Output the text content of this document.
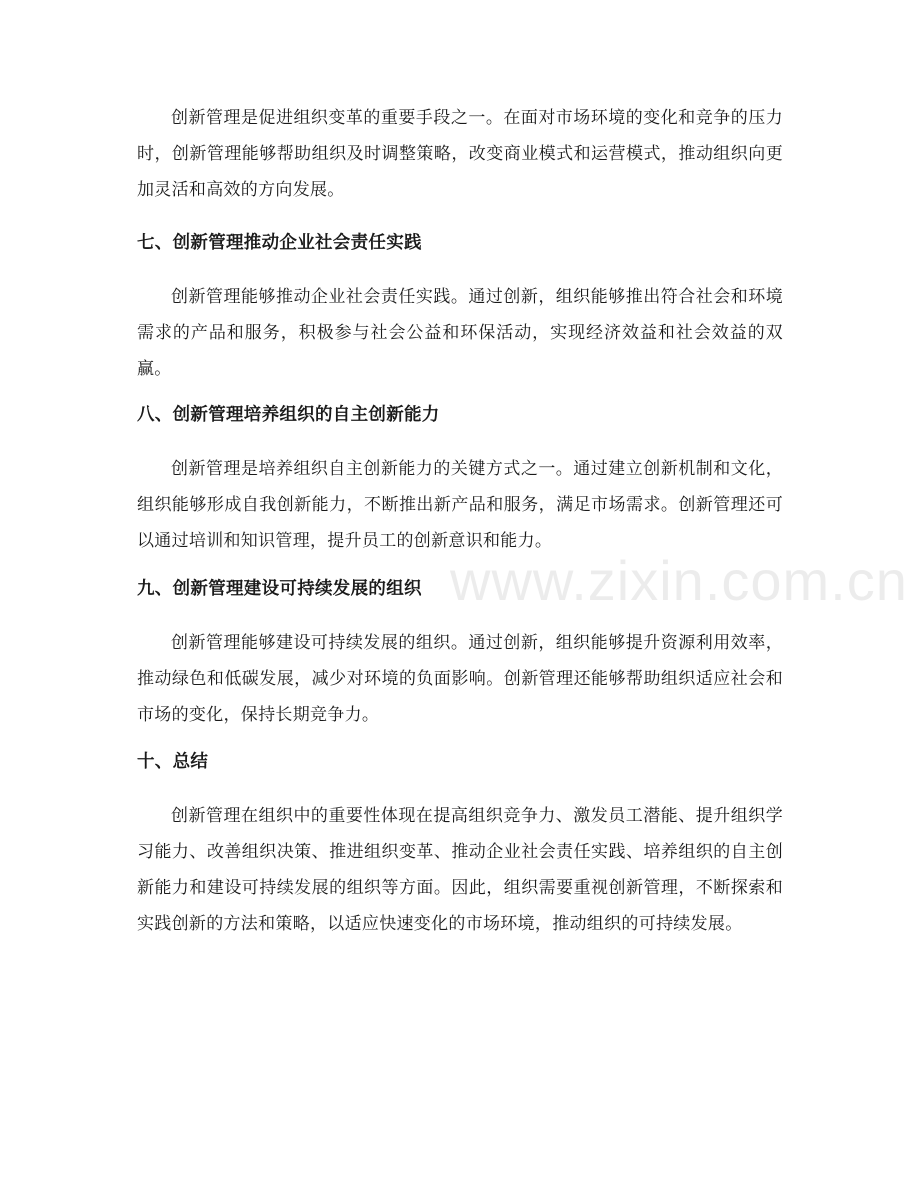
www.zixin.com.cn

创新管理是促进组织变革的重要手段之一。在面对市场环境的变化和竞争的压力时，创新管理能够帮助组织及时调整策略，改变商业模式和运营模式，推动组织向更加灵活和高效的方向发展。

七、创新管理推动企业社会责任实践

创新管理能够推动企业社会责任实践。通过创新，组织能够推出符合社会和环境需求的产品和服务，积极参与社会公益和环保活动，实现经济效益和社会效益的双赢。

八、创新管理培养组织的自主创新能力

创新管理是培养组织自主创新能力的关键方式之一。通过建立创新机制和文化，组织能够形成自我创新能力，不断推出新产品和服务，满足市场需求。创新管理还可以通过培训和知识管理，提升员工的创新意识和能力。

九、创新管理建设可持续发展的组织

创新管理能够建设可持续发展的组织。通过创新，组织能够提升资源利用效率，推动绿色和低碳发展，减少对环境的负面影响。创新管理还能够帮助组织适应社会和市场的变化，保持长期竞争力。

十、总结

创新管理在组织中的重要性体现在提高组织竞争力、激发员工潜能、提升组织学习能力、改善组织决策、推进组织变革、推动企业社会责任实践、培养组织的自主创新能力和建设可持续发展的组织等方面。因此，组织需要重视创新管理，不断探索和实践创新的方法和策略，以适应快速变化的市场环境，推动组织的可持续发展。
